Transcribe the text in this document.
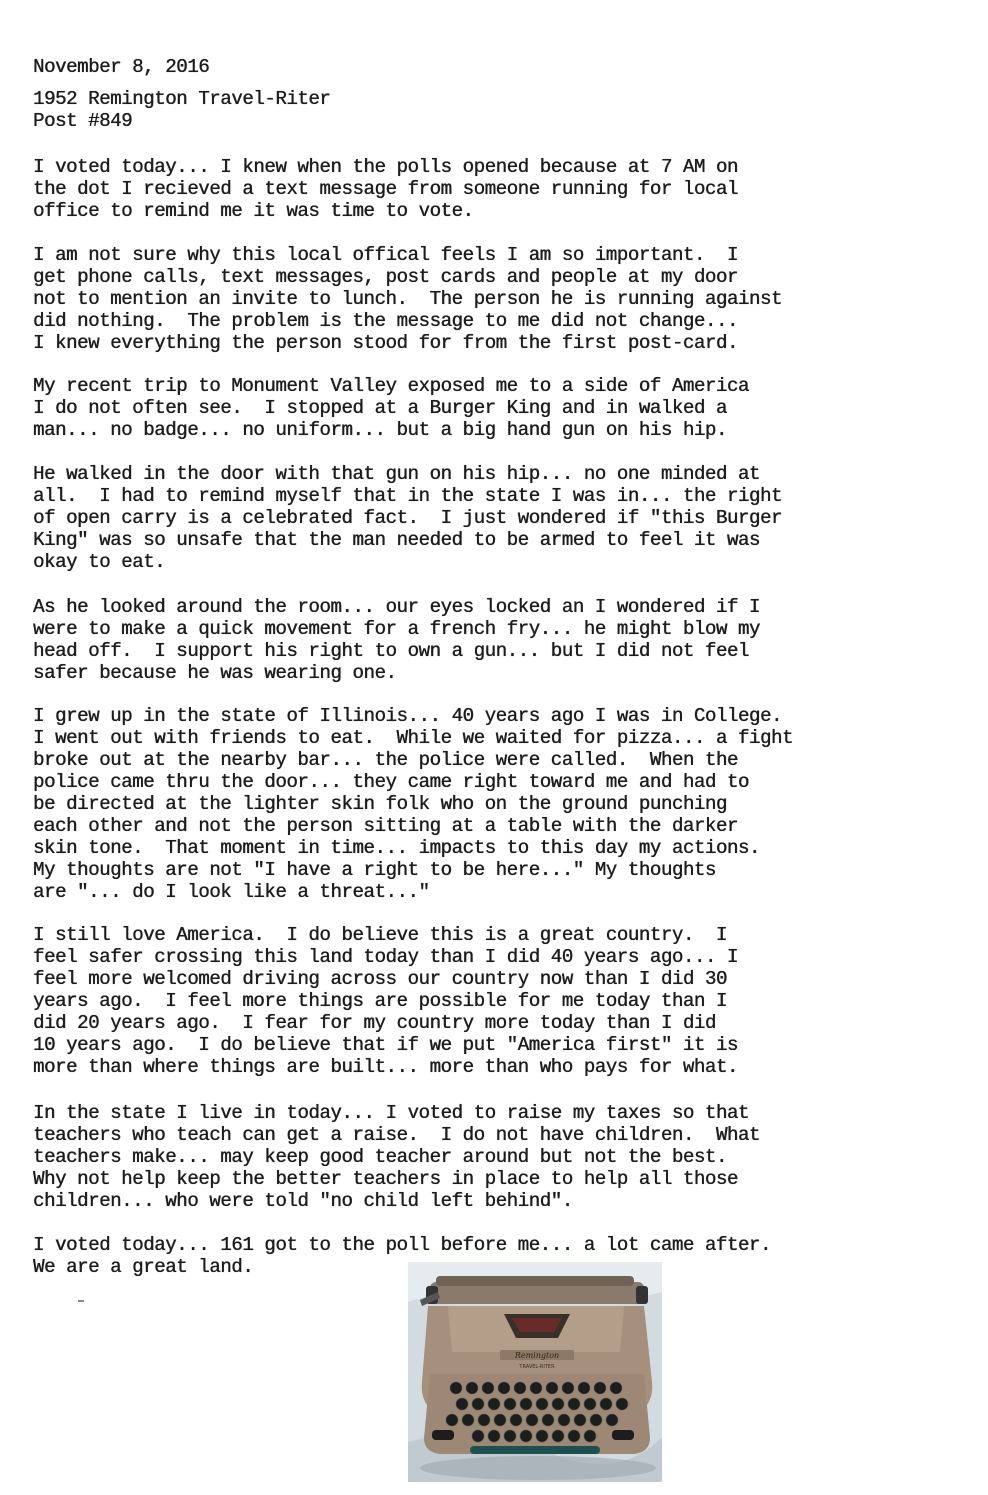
November 8, 2016

1952 Remington Travel-Riter

Post #849

I voted today... I knew when the polls opened because at 7 AM on
the dot I recieved a text message from someone running for local
office to remind me it was time to vote.

I am not sure why this local offical feels I am so important.  I
get phone calls, text messages, post cards and people at my door
not to mention an invite to lunch.  The person he is running against
did nothing.  The problem is the message to me did not change...
I knew everything the person stood for from the first post-card.

My recent trip to Monument Valley exposed me to a side of America
I do not often see.  I stopped at a Burger King and in walked a
man... no badge... no uniform... but a big hand gun on his hip.

He walked in the door with that gun on his hip... no one minded at
all.  I had to remind myself that in the state I was in... the right
of open carry is a celebrated fact.  I just wondered if "this Burger
King" was so unsafe that the man needed to be armed to feel it was
okay to eat.

As he looked around the room... our eyes locked an I wondered if I
were to make a quick movement for a french fry... he might blow my
head off.  I support his right to own a gun... but I did not feel
safer because he was wearing one.

I grew up in the state of Illinois... 40 years ago I was in College.
I went out with friends to eat.  While we waited for pizza... a fight
broke out at the nearby bar... the police were called.  When the
police came thru the door... they came right toward me and had to
be directed at the lighter skin folk who on the ground punching
each other and not the person sitting at a table with the darker
skin tone.  That moment in time... impacts to this day my actions.
My thoughts are not "I have a right to be here..." My thoughts
are "... do I look like a threat..."

I still love America.  I do believe this is a great country.  I
feel safer crossing this land today than I did 40 years ago... I
feel more welcomed driving across our country now than I did 30
years ago.  I feel more things are possible for me today than I
did 20 years ago.  I fear for my country more today than I did
10 years ago.  I do believe that if we put "America first" it is
more than where things are built... more than who pays for what.

In the state I live in today... I voted to raise my taxes so that
teachers who teach can get a raise.  I do not have children.  What
teachers make... may keep good teacher around but not the best.
Why not help keep the better teachers in place to help all those
children... who were told "no child left behind".

I voted today... 161 got to the poll before me... a lot came after.
We are a great land.

Remington
TRAVEL-RITER
